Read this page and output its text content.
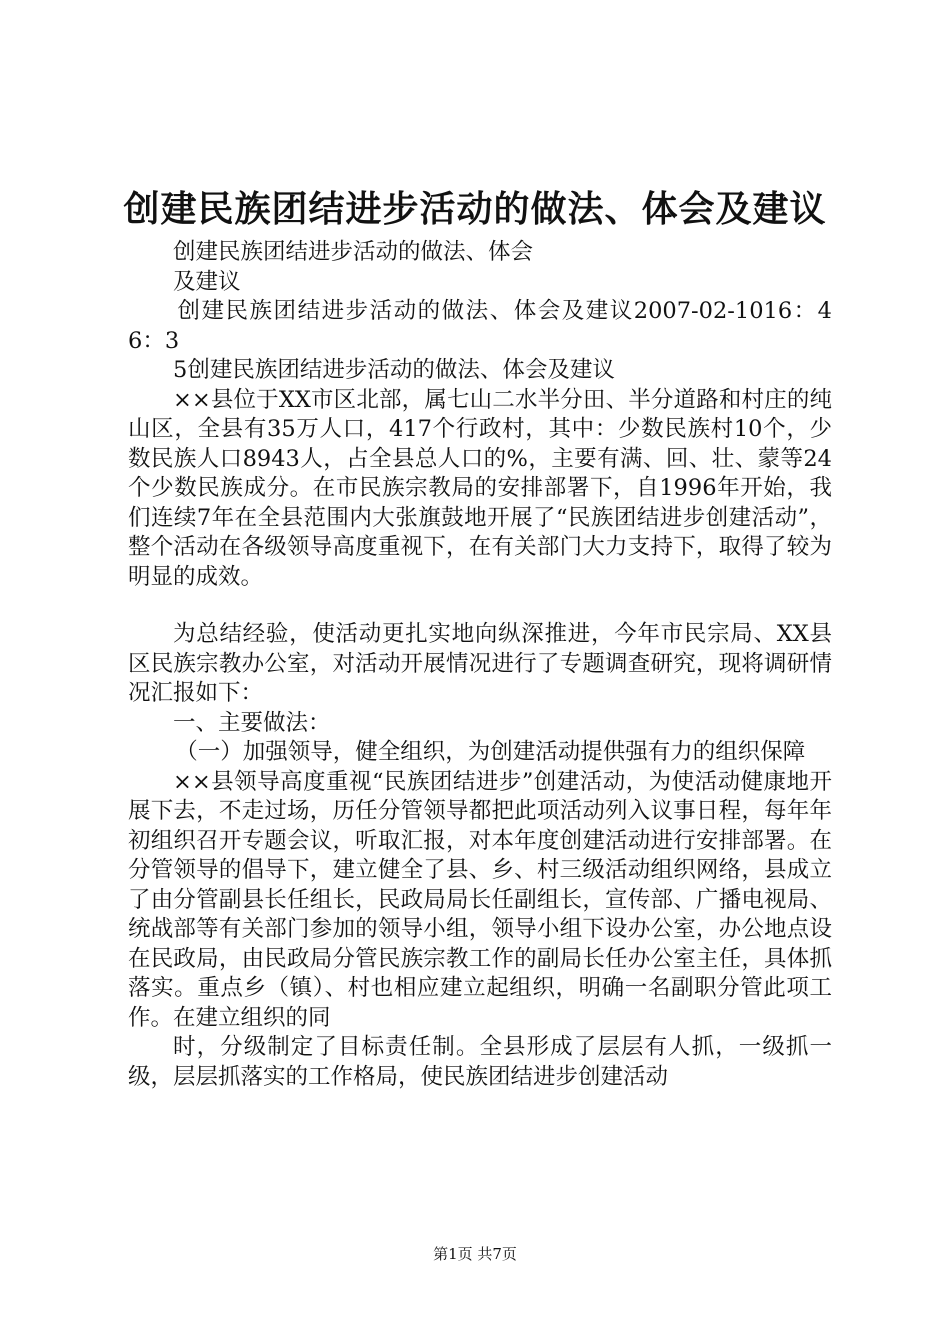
创建民族团结进步活动的做法、体会及建议

创建民族团结进步活动的做法、体会

及建议

创建民族团结进步活动的做法、体会及建议2007-02-1016：46：3

5创建民族团结进步活动的做法、体会及建议

××县位于XX市区北部，属七山二水半分田、半分道路和村庄的纯山区，全县有35万人口，417个行政村，其中：少数民族村10个，少数民族人口8943人，占全县总人口的%，主要有满、回、壮、蒙等24个少数民族成分。在市民族宗教局的安排部署下，自1996年开始，我们连续7年在全县范围内大张旗鼓地开展了“民族团结进步创建活动”，整个活动在各级领导高度重视下，在有关部门大力支持下，取得了较为明显的成效。

为总结经验，使活动更扎实地向纵深推进，今年市民宗局、XX县区民族宗教办公室，对活动开展情况进行了专题调查研究，现将调研情况汇报如下：

一、主要做法：

（一）加强领导，健全组织，为创建活动提供强有力的组织保障

××县领导高度重视“民族团结进步”创建活动，为使活动健康地开展下去，不走过场，历任分管领导都把此项活动列入议事日程，每年年初组织召开专题会议，听取汇报，对本年度创建活动进行安排部署。在分管领导的倡导下，建立健全了县、乡、村三级活动组织网络，县成立了由分管副县长任组长，民政局局长任副组长，宣传部、广播电视局、统战部等有关部门参加的领导小组，领导小组下设办公室，办公地点设在民政局，由民政局分管民族宗教工作的副局长任办公室主任，具体抓落实。重点乡（镇）、村也相应建立起组织，明确一名副职分管此项工作。在建立组织的同

时，分级制定了目标责任制。全县形成了层层有人抓，一级抓一级，层层抓落实的工作格局，使民族团结进步创建活动

第1页 共7页
